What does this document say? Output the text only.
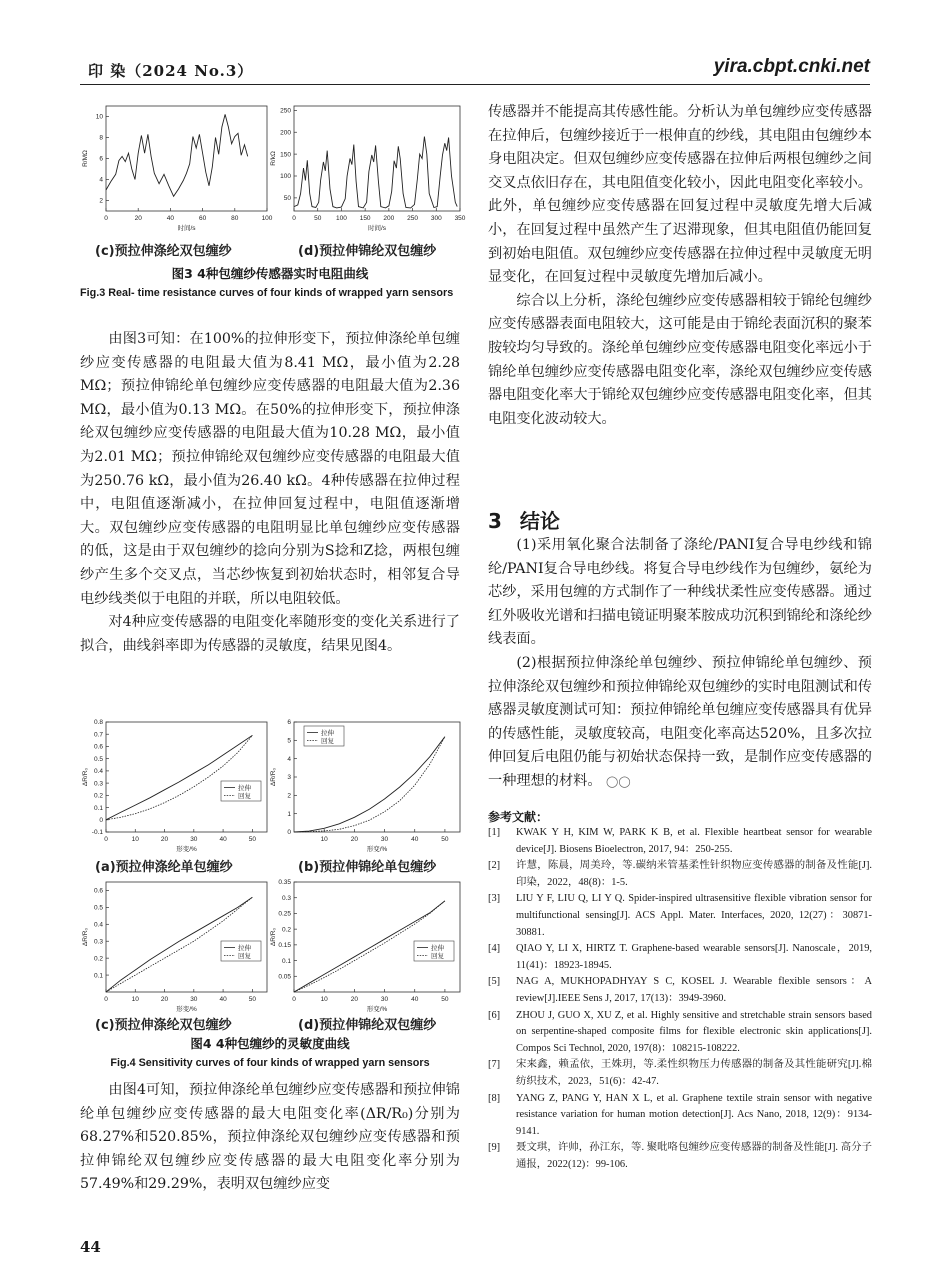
印 染（2024 No.3）	yira.cbpt.cnki.net
0	20	40	60	80	100
2
4
6
8
10
时间/s
R/MΩ
0	50 100 150 200 250 300 350
50
100
150
200
250
时间/s
R/kΩ
(c)预拉伸涤纶双包缠纱	(d)预拉伸锦纶双包缠纱
图3 4种包缠纱传感器实时电阻曲线
Fig.3 Real- time resistance curves of four kinds of wrapped yarn sensors

由图3可知：在100%的拉伸形变下，预拉伸涤纶单包缠纱应变传感器的电阻最大值为8.41 MΩ，最小值为2.28 MΩ；预拉伸锦纶单包缠纱应变传感器的电阻最大值为2.36 MΩ，最小值为0.13 MΩ。在50%的拉伸形变下，预拉伸涤纶双包缠纱应变传感器的电阻最大值为10.28 MΩ，最小值为2.01 MΩ；预拉伸锦纶双包缠纱应变传感器的电阻最大值为250.76 kΩ，最小值为26.40 kΩ。4种传感器在拉伸过程中，电阻值逐渐减小，在拉伸回复过程中，电阻值逐渐增大。双包缠纱应变传感器的电阻明显比单包缠纱应变传感器的低，这是由于双包缠纱的捻向分别为S捻和Z捻，两根包缠纱产生多个交叉点，当芯纱恢复到初始状态时，相邻复合导电纱线类似于电阻的并联，所以电阻较低。

对4种应变传感器的电阻变化率随形变的变化关系进行了拟合，曲线斜率即为传感器的灵敏度，结果见图4。

0	10	20	30	40	50
-0.1
0
0.1
0.2
0.3
0.4
0.5
0.6
0.7
0.8
形变/%
ΔR/R₀
拉伸
回复
10	20	30	40	50
0
1
2
3
4
5
6
形变/%
ΔR/R₀
拉伸
回复
(a)预拉伸涤纶单包缠纱	(b)预拉伸锦纶单包缠纱
0	10	20	30	40	50
0.1
0.2
0.3
0.4
0.5
0.6
形变/%
ΔR/R₀
拉伸
回复
0	10	20	30	40	50
0.05
0.1
0.15
0.2
0.25
0.3
0.35
形变/%
ΔR/R₀
拉伸
回复
(c)预拉伸涤纶双包缠纱	(d)预拉伸锦纶双包缠纱
图4 4种包缠纱的灵敏度曲线
Fig.4 Sensitivity curves of four kinds of wrapped yarn sensors

由图4可知，预拉伸涤纶单包缠纱应变传感器和预拉伸锦纶单包缠纱应变传感器的最大电阻变化率(ΔR/R₀)分别为68.27%和520.85%，预拉伸涤纶双包缠纱应变传感器和预拉伸锦纶双包缠纱应变传感器的最大电阻变化率分别为57.49%和29.29%，表明双包缠纱应变

44

传感器并不能提高其传感性能。分析认为单包缠纱应变传感器在拉伸后，包缠纱接近于一根伸直的纱线，其电阻由包缠纱本身电阻决定。但双包缠纱应变传感器在拉伸后两根包缠纱之间交叉点依旧存在，其电阻值变化较小，因此电阻变化率较小。此外，单包缠纱应变传感器在回复过程中灵敏度先增大后减小，在回复过程中虽然产生了迟滞现象，但其电阻值仍能回复到初始电阻值。双包缠纱应变传感器在拉伸过程中灵敏度无明显变化，在回复过程中灵敏度先增加后减小。

综合以上分析，涤纶包缠纱应变传感器相较于锦纶包缠纱应变传感器表面电阻较大，这可能是由于锦纶表面沉积的聚苯胺较均匀导致的。涤纶单包缠纱应变传感器电阻变化率远小于锦纶单包缠纱应变传感器电阻变化率，涤纶双包缠纱应变传感器电阻变化率大于锦纶双包缠纱应变传感器电阻变化率，但其电阻变化波动较大。

3 结论

(1)采用氧化聚合法制备了涤纶/PANI复合导电纱线和锦纶/PANI复合导电纱线。将复合导电纱线作为包缠纱，氨纶为芯纱，采用包缠的方式制作了一种线状柔性应变传感器。通过红外吸收光谱和扫描电镜证明聚苯胺成功沉积到锦纶和涤纶纱线表面。

(2)根据预拉伸涤纶单包缠纱、预拉伸锦纶单包缠纱、预拉伸涤纶双包缠纱和预拉伸锦纶双包缠纱的实时电阻测试和传感器灵敏度测试可知：预拉伸锦纶单包缠应变传感器具有优异的传感性能，灵敏度较高，电阻变化率高达520%，且多次拉伸回复后电阻仍能与初始状态保持一致，是制作应变传感器的一种理想的材料。 ◯◯

参考文献：
[1]	KWAK Y H, KIM W, PARK K B, et al. Flexible heartbeat sensor for wearable device[J]. Biosens Bioelectron, 2017, 94：250-255.
[2]	许慧，陈晨，周美玲，等.碳纳米管基柔性针织物应变传感器的制备及性能[J].印染，2022，48(8)：1-5.
[3]	LIU Y F, LIU Q, LI Y Q. Spider-inspired ultrasensitive flexible vibration sensor for multifunctional sensing[J]. ACS Appl. Mater. Interfaces, 2020, 12(27)：30871-30881.
[4]	QIAO Y, LI X, HIRTZ T. Graphene-based wearable sensors[J]. Nanoscale，2019, 11(41)：18923-18945.
[5]	NAG A, MUKHOPADHYAY S C, KOSEL J. Wearable flexible sensors：A review[J].IEEE Sens J, 2017, 17(13)：3949-3960.
[6]	ZHOU J, GUO X, XU Z, et al. Highly sensitive and stretchable strain sensors based on serpentine-shaped composite films for flexible electronic skin applications[J]. Compos Sci Technol, 2020, 197(8)：108215-108222.
[7]	宋来鑫，赖孟依，王姝玥，等.柔性织物压力传感器的制备及其性能研究[J].棉纺织技术，2023，51(6)：42-47.
[8]	YANG Z, PANG Y, HAN X L, et al. Graphene textile strain sensor with negative resistance variation for human motion detection[J]. Acs Nano, 2018, 12(9)：9134-9141.
[9]	聂文琪，许帅，孙江东，等. 聚吡咯包缠纱应变传感器的制备及性能[J]. 高分子通报，2022(12)：99-106.
